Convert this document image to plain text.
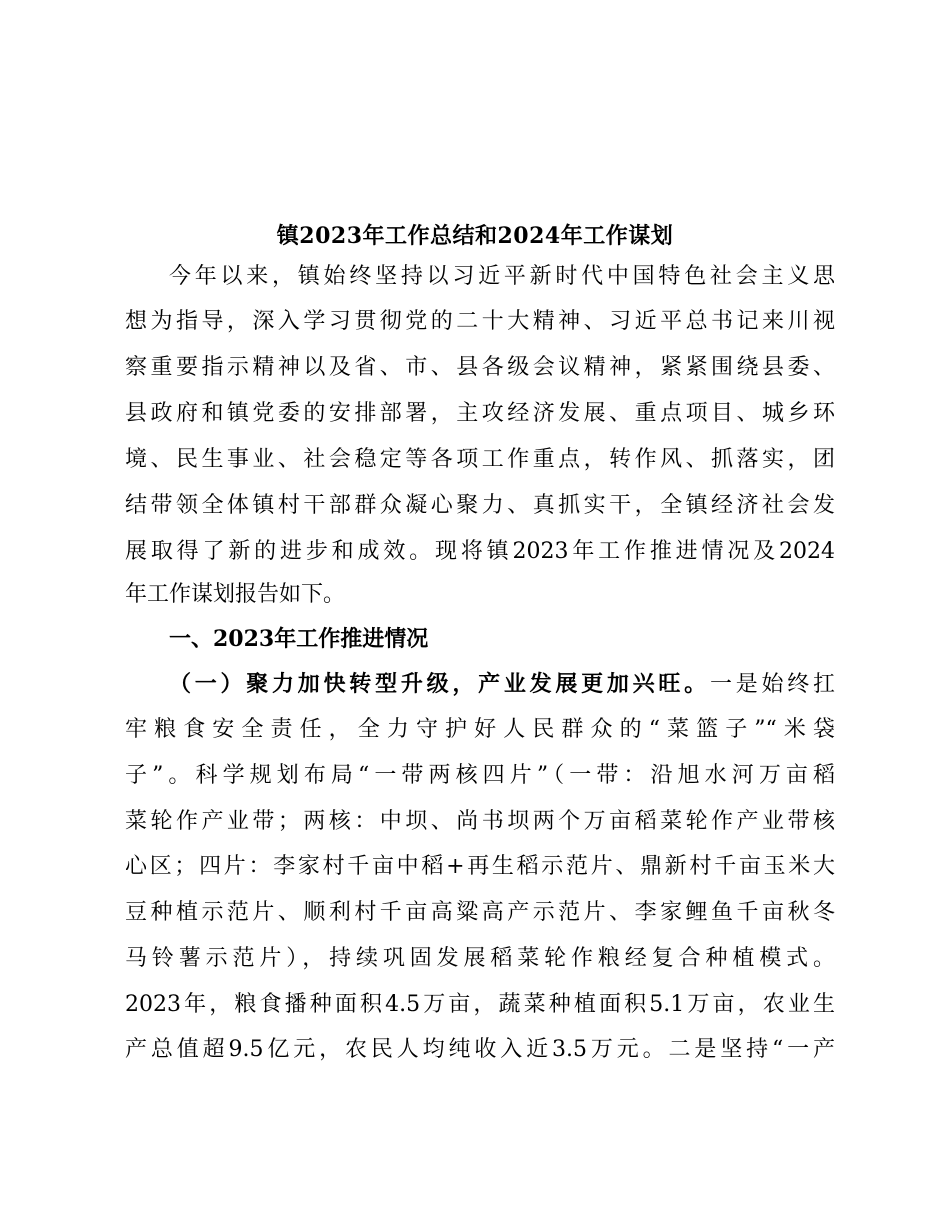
镇2023年工作总结和2024年工作谋划
今年以来，镇始终坚持以习近平新时代中国特色社会主义思
想为指导，深入学习贯彻党的二十大精神、习近平总书记来川视
察重要指示精神以及省、市、县各级会议精神，紧紧围绕县委、
县政府和镇党委的安排部署，主攻经济发展、重点项目、城乡环
境、民生事业、社会稳定等各项工作重点，转作风、抓落实，团
结带领全体镇村干部群众凝心聚力、真抓实干，全镇经济社会发
展取得了新的进步和成效。现将镇2023年工作推进情况及2024
年工作谋划报告如下。
一、2023年工作推进情况
（一）聚力加快转型升级，产业发展更加兴旺。一是始终扛
牢粮食安全责任，全力守护好人民群众的“菜篮子”“米袋
子”。科学规划布局“一带两核四片”（一带：沿旭水河万亩稻
菜轮作产业带；两核：中坝、尚书坝两个万亩稻菜轮作产业带核
心区；四片：李家村千亩中稻+再生稻示范片、鼎新村千亩玉米大
豆种植示范片、顺利村千亩高粱高产示范片、李家鲤鱼千亩秋冬
马铃薯示范片），持续巩固发展稻菜轮作粮经复合种植模式。
2023年，粮食播种面积4.5万亩，蔬菜种植面积5.1万亩，农业生
产总值超9.5亿元，农民人均纯收入近3.5万元。二是坚持“一产
